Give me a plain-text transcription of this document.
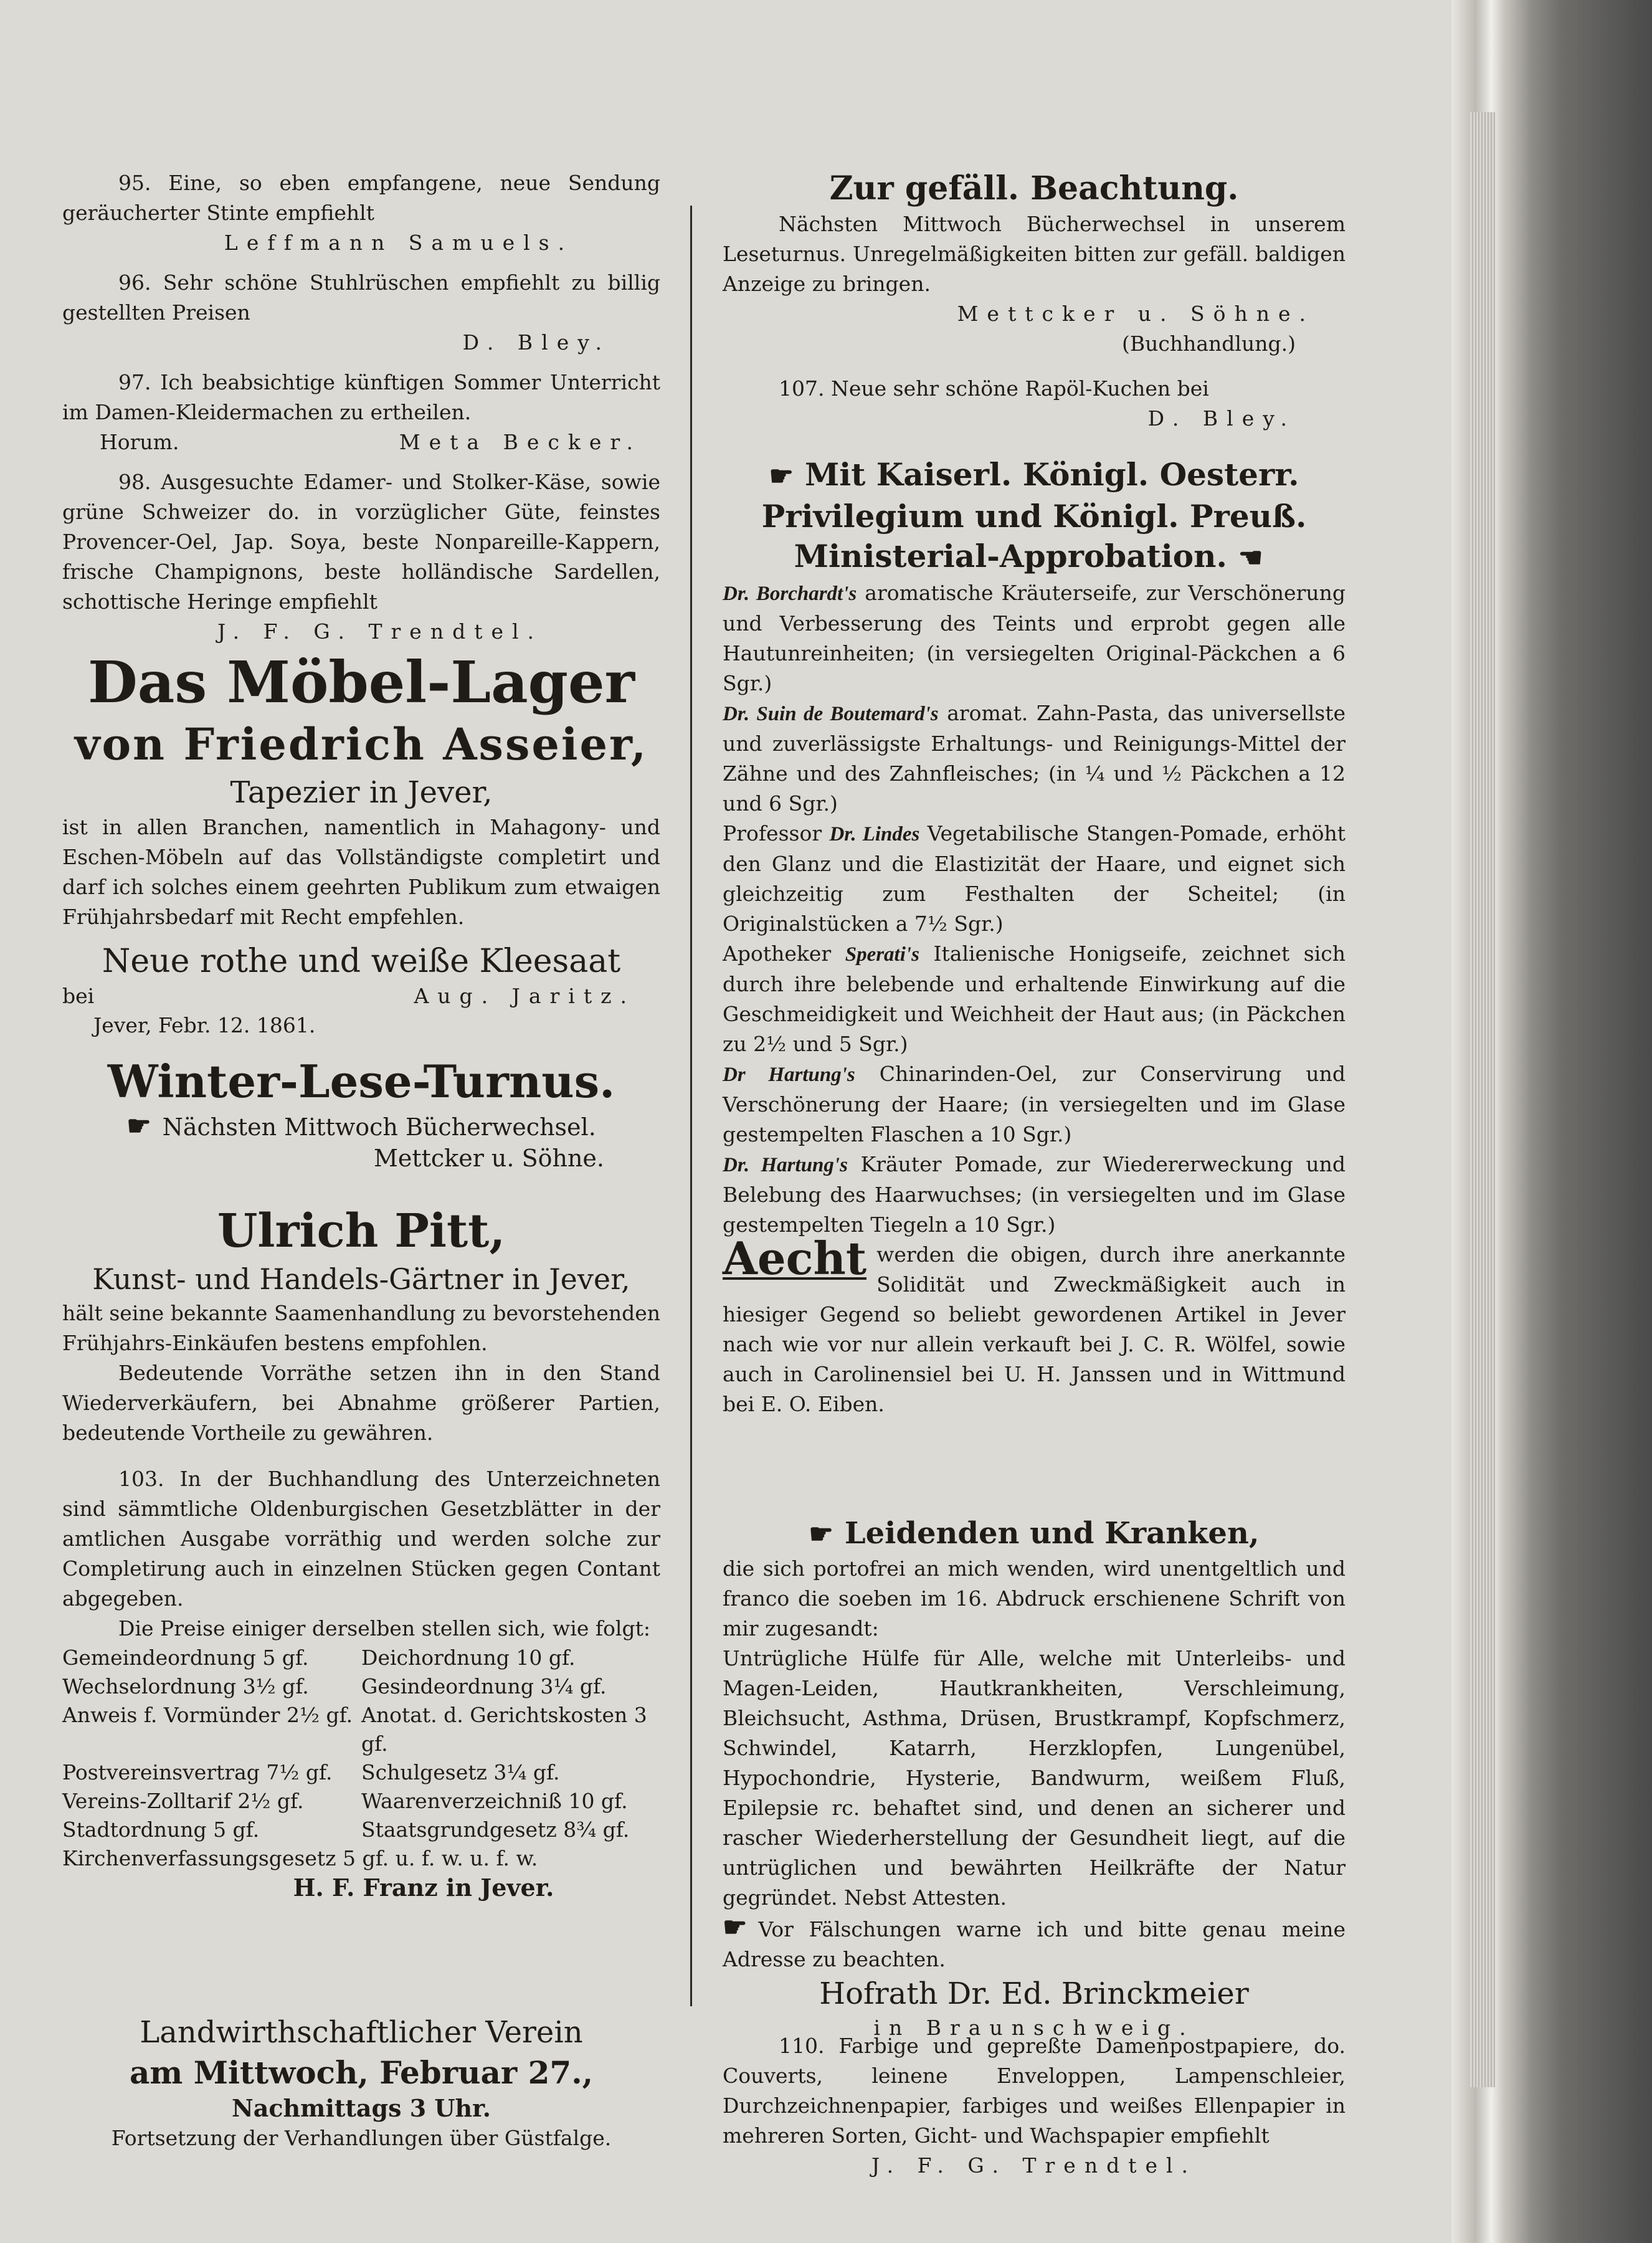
95. Eine, so eben empfangene, neue Sendung geräucherter Stinte empfiehlt

Leffmann Samuels.

96. Sehr schöne Stuhlrüschen empfiehlt zu billig gestellten Preisen

D. Bley.

97. Ich beabsichtige künftigen Sommer Unterricht im Damen-Kleidermachen zu ertheilen.

Horum.	Meta Becker.

98. Ausgesuchte Edamer- und Stolker-Käse, sowie grüne Schweizer do. in vorzüglicher Güte, feinstes Provencer-Oel, Jap. Soya, beste Nonpareille-Kappern, frische Champignons, beste holländische Sardellen, schottische Heringe empfiehlt

J. F. G. Trendtel.

Das Möbel-Lager

von Friedrich Asseier,

Tapezier in Jever,

ist in allen Branchen, namentlich in Mahagony- und Eschen-Möbeln auf das Vollständigste completirt und darf ich solches einem geehrten Publikum zum etwaigen Frühjahrsbedarf mit Recht empfehlen.

Neue rothe und weiße Kleesaat

bei	Aug. Jaritz.

Jever, Febr. 12. 1861.

Winter-Lese-Turnus.

☛ Nächsten Mittwoch Bücherwechsel.

Mettcker u. Söhne.

Ulrich Pitt,

Kunst- und Handels-Gärtner in Jever,

hält seine bekannte Saamenhandlung zu bevorstehenden Frühjahrs-Einkäufen bestens empfohlen.

Bedeutende Vorräthe setzen ihn in den Stand Wiederverkäufern, bei Abnahme größerer Partien, bedeutende Vortheile zu gewähren.

103. In der Buchhandlung des Unterzeichneten sind sämmtliche Oldenburgischen Gesetzblätter in der amtlichen Ausgabe vorräthig und werden solche zur Completirung auch in einzelnen Stücken gegen Contant abgegeben.

Die Preise einiger derselben stellen sich, wie folgt:

Gemeindeordnung 5 gf.	Deichordnung 10 gf.
Wechselordnung 3½ gf.	Gesindeordnung 3¼ gf.
Anweis f. Vormünder 2½ gf. Anotat. d. Gerichtskosten 3 gf.
Postvereinsvertrag 7½ gf.	Schulgesetz 3¼ gf.
Vereins-Zolltarif 2½ gf.	Waarenverzeichniß 10 gf.
Stadtordnung 5 gf.	Staatsgrundgesetz 8¾ gf.

Kirchenverfassungsgesetz 5 gf. u. f. w. u. f. w.

H. F. Franz in Jever.

Landwirthschaftlicher Verein

am Mittwoch, Februar 27.,

Nachmittags 3 Uhr.

Fortsetzung der Verhandlungen über Güstfalge.

Zur gefäll. Beachtung.

Nächsten Mittwoch Bücherwechsel in unserem Leseturnus. Unregelmäßigkeiten bitten zur gefäll. baldigen Anzeige zu bringen.

Mettcker u. Söhne.

(Buchhandlung.)

107. Neue sehr schöne Rapöl-Kuchen bei

D. Bley.

☛ Mit Kaiserl. Königl. Oesterr.

Privilegium und Königl. Preuß.

Ministerial-Approbation. ☚

Dr. Borchardt's aromatische Kräuterseife, zur Verschönerung und Verbesserung des Teints und erprobt gegen alle Hautunreinheiten; (in versiegelten Original-Päckchen a 6 Sgr.)

Dr. Suin de Boutemard's aromat. Zahn-Pasta, das universellste und zuverlässigste Erhaltungs- und Reinigungs-Mittel der Zähne und des Zahnfleisches; (in ¼ und ½ Päckchen a 12 und 6 Sgr.)

Professor Dr. Lindes Vegetabilische Stangen-Pomade, erhöht den Glanz und die Elastizität der Haare, und eignet sich gleichzeitig zum Festhalten der Scheitel; (in Originalstücken a 7½ Sgr.)

Apotheker Sperati's Italienische Honigseife, zeichnet sich durch ihre belebende und erhaltende Einwirkung auf die Geschmeidigkeit und Weichheit der Haut aus; (in Päckchen zu 2½ und 5 Sgr.)

Dr Hartung's Chinarinden-Oel, zur Conservirung und Verschönerung der Haare; (in versiegelten und im Glase gestempelten Flaschen a 10 Sgr.)

Dr. Hartung's Kräuter Pomade, zur Wiedererweckung und Belebung des Haarwuchses; (in versiegelten und im Glase gestempelten Tiegeln a 10 Sgr.)

Aecht werden die obigen, durch ihre anerkannte Solidität und Zweckmäßigkeit auch in hiesiger Gegend so beliebt gewordenen Artikel in Jever nach wie vor nur allein verkauft bei J. C. R. Wölfel, sowie auch in Carolinensiel bei U. H. Janssen und in Wittmund bei E. O. Eiben.

☛ Leidenden und Kranken,

die sich portofrei an mich wenden, wird unentgeltlich und franco die soeben im 16. Abdruck erschienene Schrift von mir zugesandt:

Untrügliche Hülfe für Alle, welche mit Unterleibs- und Magen-Leiden, Hautkrankheiten, Verschleimung, Bleichsucht, Asthma, Drüsen, Brustkrampf, Kopfschmerz, Schwindel, Katarrh, Herzklopfen, Lungenübel, Hypochondrie, Hysterie, Bandwurm, weißem Fluß, Epilepsie rc. behaftet sind, und denen an sicherer und rascher Wiederherstellung der Gesundheit liegt, auf die untrüglichen und bewährten Heilkräfte der Natur gegründet. Nebst Attesten.

☛ Vor Fälschungen warne ich und bitte genau meine Adresse zu beachten.

Hofrath Dr. Ed. Brinckmeier

in Braunschweig.

110. Farbige und gepreßte Damenpostpapiere, do. Couverts, leinene Enveloppen, Lampenschleier, Durchzeichnenpapier, farbiges und weißes Ellenpapier in mehreren Sorten, Gicht- und Wachspapier empfiehlt

J. F. G. Trendtel.
